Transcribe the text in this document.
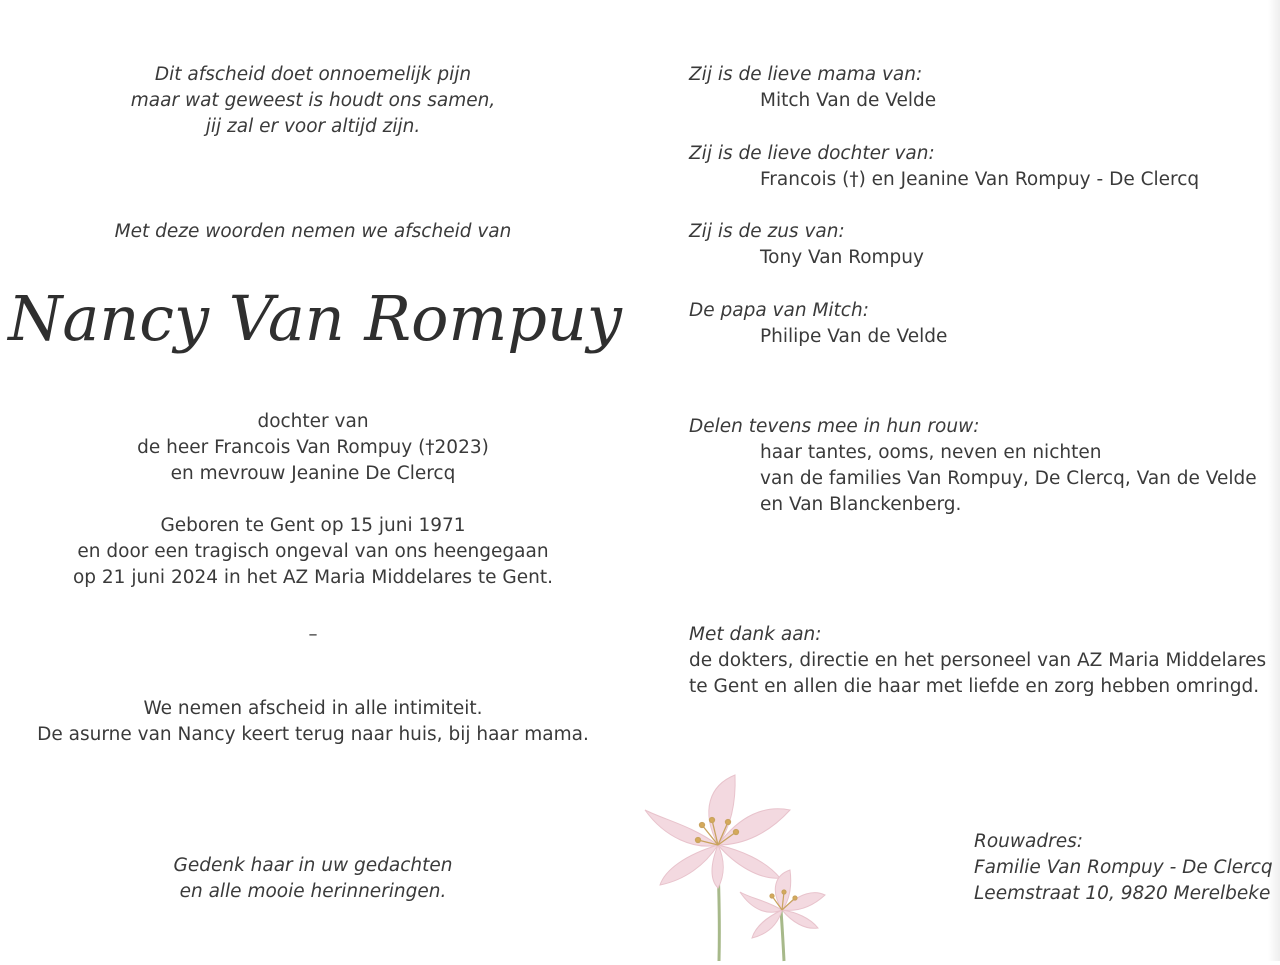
Dit afscheid doet onnoemelijk pijn
maar wat geweest is houdt ons samen,
jij zal er voor altijd zijn.
Met deze woorden nemen we afscheid van
Nancy Van Rompuy
dochter van
de heer Francois Van Rompuy (†2023)
en mevrouw Jeanine De Clercq
Geboren te Gent op 15 juni 1971
en door een tragisch ongeval van ons heengegaan
op 21 juni 2024 in het AZ Maria Middelares te Gent.
–
We nemen afscheid in alle intimiteit.
De asurne van Nancy keert terug naar huis, bij haar mama.
Gedenk haar in uw gedachten
en alle mooie herinneringen.
Zij is de lieve mama van:
Mitch Van de Velde
Zij is de lieve dochter van:
Francois (†) en Jeanine Van Rompuy - De Clercq
Zij is de zus van:
Tony Van Rompuy
De papa van Mitch:
Philipe Van de Velde
Delen tevens mee in hun rouw:
haar tantes, ooms, neven en nichten
van de families Van Rompuy, De Clercq, Van de Velde
en Van Blanckenberg.
Met dank aan:
de dokters, directie en het personeel van AZ Maria Middelares
te Gent en allen die haar met liefde en zorg hebben omringd.
Rouwadres:
Familie Van Rompuy - De Clercq
Leemstraat 10, 9820 Merelbeke
